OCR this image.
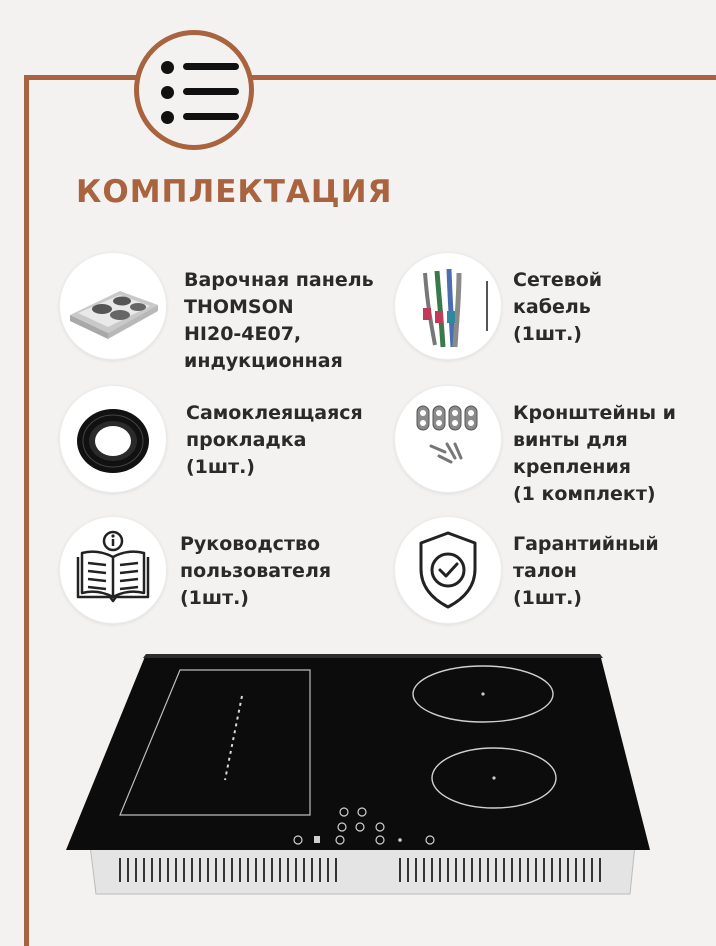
КОМПЛЕКТАЦИЯ
Варочная панель
THOMSON
HI20-4E07,
индукционная
Сетевой
кабель
(1шт.)
Самоклеящаяся
прокладка
(1шт.)
Кронштейны и
винты для
крепления
(1 комплект)
Руководство
пользователя
(1шт.)
Гарантийный
талон
(1шт.)
